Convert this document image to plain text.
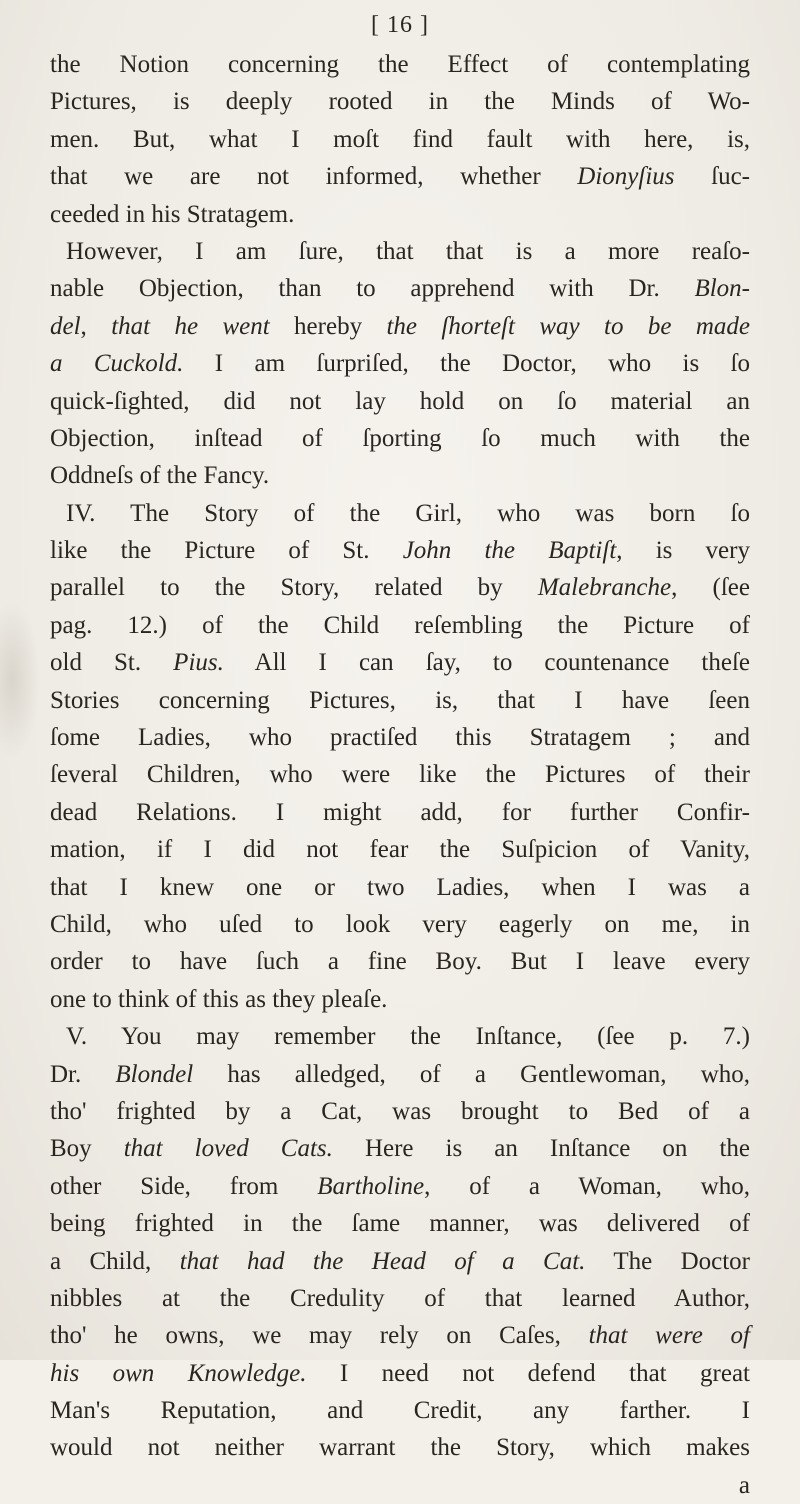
[ 16 ]
the Notion concerning the Effect of contemplating
Pictures, is deeply rooted in the Minds of Wo-
men. But, what I moſt find fault with here, is,
that we are not informed, whether Dionyſius ſuc-
ceeded in his Stratagem.
However, I am ſure, that that is a more reaſo-
nable Objection, than to apprehend with Dr. Blon-
del, that he went hereby the ſhorteſt way to be made
a Cuckold. I am ſurpriſed, the Doctor, who is ſo
quick-ſighted, did not lay hold on ſo material an
Objection, inſtead of ſporting ſo much with the
Oddneſs of the Fancy.
IV. The Story of the Girl, who was born ſo
like the Picture of St. John the Baptiſt, is very
parallel to the Story, related by Malebranche, (ſee
pag. 12.) of the Child reſembling the Picture of
old St. Pius. All I can ſay, to countenance theſe
Stories concerning Pictures, is, that I have ſeen
ſome Ladies, who practiſed this Stratagem ; and
ſeveral Children, who were like the Pictures of their
dead Relations. I might add, for further Confir-
mation, if I did not fear the Suſpicion of Vanity,
that I knew one or two Ladies, when I was a
Child, who uſed to look very eagerly on me, in
order to have ſuch a fine Boy. But I leave every
one to think of this as they pleaſe.
V. You may remember the Inſtance, (ſee p. 7.)
Dr. Blondel has alledged, of a Gentlewoman, who,
tho' frighted by a Cat, was brought to Bed of a
Boy that loved Cats. Here is an Inſtance on the
other Side, from Bartholine, of a Woman, who,
being frighted in the ſame manner, was delivered of
a Child, that had the Head of a Cat. The Doctor
nibbles at the Credulity of that learned Author,
tho' he owns, we may rely on Caſes, that were of
his own Knowledge. I need not defend that great
Man's Reputation, and Credit, any farther. I
would not neither warrant the Story, which makes
a
